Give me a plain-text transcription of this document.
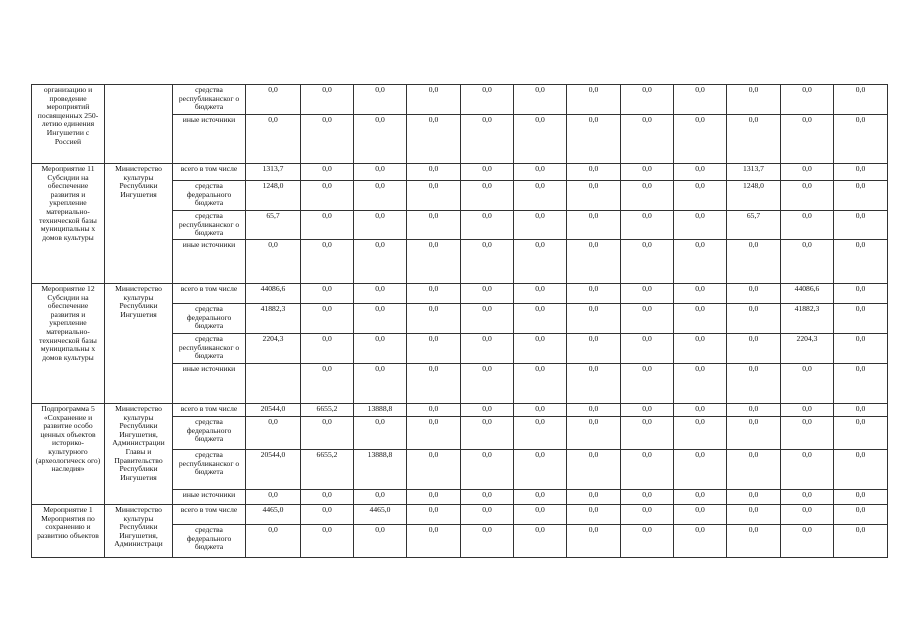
организацию и проведение мероприятий посвященных 250-летию единения Ингушетии с Россией		средства республиканског о бюджета	0,0	0,0	0,0	0,0	0,0	0,0	0,0	0,0	0,0	0,0	0,0	0,0
		иные источники	0,0	0,0	0,0	0,0	0,0	0,0	0,0	0,0	0,0	0,0	0,0	0,0
Мероприятие 11 Субсидии на обеспечение развития и укрепление материально-технической базы муниципальны х домов культуры	Министерство культуры Республики Ингушетия	всего в том числе	1313,7	0,0	0,0	0,0	0,0	0,0	0,0	0,0	0,0	1313,7	0,0	0,0
		средства федерального бюджета	1248,0	0,0	0,0	0,0	0,0	0,0	0,0	0,0	0,0	1248,0	0,0	0,0
		средства республиканског о бюджета	65,7	0,0	0,0	0,0	0,0	0,0	0,0	0,0	0,0	65,7	0,0	0,0
		иные источники	0,0	0,0	0,0	0,0	0,0	0,0	0,0	0,0	0,0	0,0	0,0	0,0
Мероприятие 12 Субсидии на обеспечение развития и укрепление материально-технической базы муниципальны х домов культуры	Министерство культуры Республики Ингушетия	всего в том числе	44086,6	0,0	0,0	0,0	0,0	0,0	0,0	0,0	0,0	0,0	44086,6	0,0
		средства федерального бюджета	41882,3	0,0	0,0	0,0	0,0	0,0	0,0	0,0	0,0	0,0	41882,3	0,0
		средства республиканског о бюджета	2204,3	0,0	0,0	0,0	0,0	0,0	0,0	0,0	0,0	0,0	2204,3	0,0
		иные источники		0,0	0,0	0,0	0,0	0,0	0,0	0,0	0,0	0,0	0,0	0,0
Подпрограмма 5 «Сохранение и развитие особо ценных объектов историко-культурного (археологическ ого) наследия»	Министерство культуры Республики Ингушетия, Администрации Главы и Правительство Республики Ингушетия	всего в том числе	20544,0	6655,2	13888,8	0,0	0,0	0,0	0,0	0,0	0,0	0,0	0,0	0,0
		средства федерального бюджета	0,0	0,0	0,0	0,0	0,0	0,0	0,0	0,0	0,0	0,0	0,0	0,0
		средства республиканског о бюджета	20544,0	6655,2	13888,8	0,0	0,0	0,0	0,0	0,0	0,0	0,0	0,0	0,0
		иные источники	0,0	0,0	0,0	0,0	0,0	0,0	0,0	0,0	0,0	0,0	0,0	0,0
Мероприятие 1 Мероприятия по сохранению и развитию объектов	Министерство культуры Республики Ингушетия, Администраци	всего в том числе	4465,0	0,0	4465,0	0,0	0,0	0,0	0,0	0,0	0,0	0,0	0,0	0,0
		средства федерального бюджета	0,0	0,0	0,0	0,0	0,0	0,0	0,0	0,0	0,0	0,0	0,0	0,0
